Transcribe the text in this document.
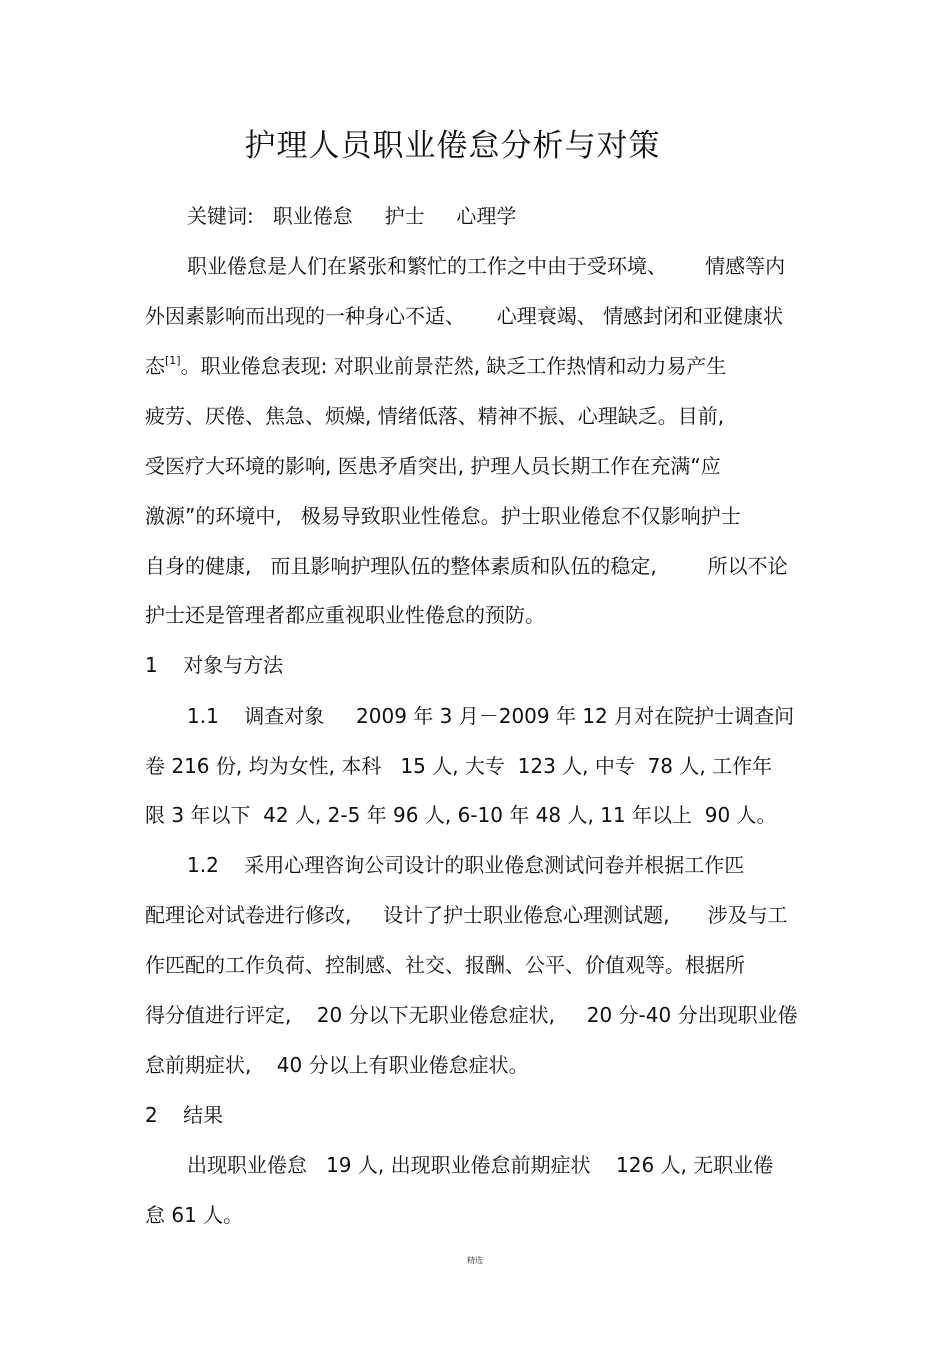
护理人员职业倦怠分析与对策
关键词:   职业倦怠     护士     心理学
职业倦怠是人们在紧张和繁忙的工作之中由于受环境、      情感等内
外因素影响而出现的一种身心不适、     心理衰竭、 情感封闭和亚健康状
态[1]。职业倦怠表现: 对职业前景茫然, 缺乏工作热情和动力易产生
疲劳、厌倦、焦急、烦燥, 情绪低落、精神不振、心理缺乏。目前,
受医疗大环境的影响, 医患矛盾突出, 护理人员长期工作在充满“应
激源”的环境中,   极易导致职业性倦怠。护士职业倦怠不仅影响护士
自身的健康,   而且影响护理队伍的整体素质和队伍的稳定,        所以不论
护士还是管理者都应重视职业性倦怠的预防。
1    对象与方法
1.1    调查对象     2009 年 3 月－2009 年 12 月对在院护士调查问
卷 216 份, 均为女性, 本科   15 人, 大专  123 人, 中专  78 人, 工作年
限 3 年以下  42 人, 2-5 年 96 人, 6-10 年 48 人, 11 年以上  90 人。
1.2    采用心理咨询公司设计的职业倦怠测试问卷并根据工作匹
配理论对试卷进行修改,     设计了护士职业倦怠心理测试题,      涉及与工
作匹配的工作负荷、控制感、社交、报酬、公平、价值观等。根据所
得分值进行评定,    20 分以下无职业倦怠症状,     20 分-40 分出现职业倦
怠前期症状,    40 分以上有职业倦怠症状。
2    结果
出现职业倦怠   19 人, 出现职业倦怠前期症状    126 人, 无职业倦
怠 61 人。
精选
